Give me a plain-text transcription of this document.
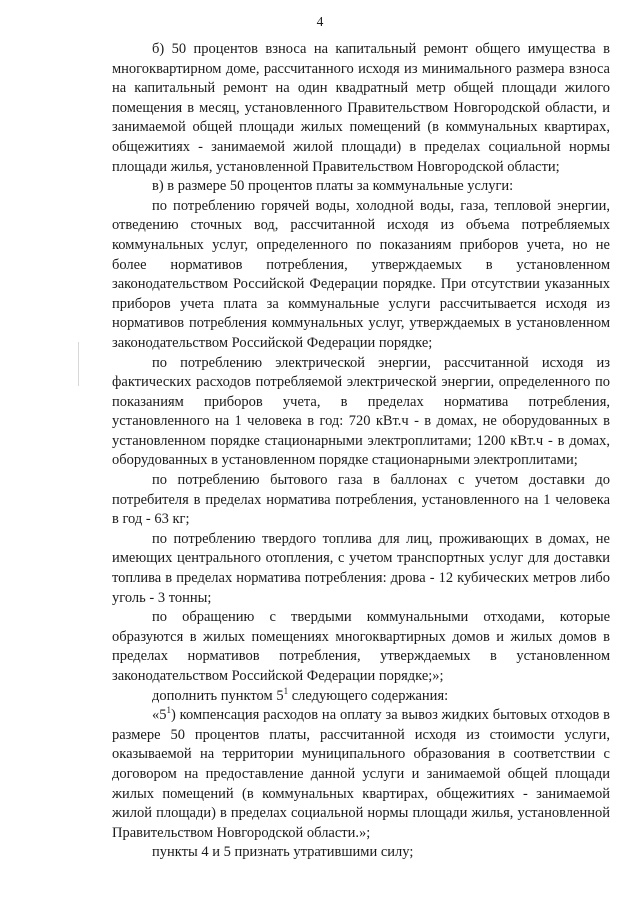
4

б) 50 процентов взноса на капитальный ремонт общего имущества в многоквартирном доме, рассчитанного исходя из минимального размера взноса на капитальный ремонт на один квадратный метр общей площади жилого помещения в месяц, установленного Правительством Новгородской области, и занимаемой общей площади жилых помещений (в коммунальных квартирах, общежитиях - занимаемой жилой площади) в пределах социальной нормы площади жилья, установленной Правительством Новгородской области;

в) в размере 50 процентов платы за коммунальные услуги:

по потреблению горячей воды, холодной воды, газа, тепловой энергии, отведению сточных вод, рассчитанной исходя из объема потребляемых коммунальных услуг, определенного по показаниям приборов учета, но не более нормативов потребления, утверждаемых в установленном законодательством Российской Федерации порядке. При отсутствии указанных приборов учета плата за коммунальные услуги рассчитывается исходя из нормативов потребления коммунальных услуг, утверждаемых в установленном законодательством Российской Федерации порядке;

по потреблению электрической энергии, рассчитанной исходя из фактических расходов потребляемой электрической энергии, определенного по показаниям приборов учета, в пределах норматива потребления, установленного на 1 человека в год: 720 кВт.ч - в домах, не оборудованных в установленном порядке стационарными электроплитами; 1200 кВт.ч - в домах, оборудованных в установленном порядке стационарными электроплитами;

по потреблению бытового газа в баллонах с учетом доставки до потребителя в пределах норматива потребления, установленного на 1 человека в год - 63 кг;

по потреблению твердого топлива для лиц, проживающих в домах, не имеющих центрального отопления, с учетом транспортных услуг для доставки топлива в пределах норматива потребления: дрова - 12 кубических метров либо уголь - 3 тонны;

по обращению с твердыми коммунальными отходами, которые образуются в жилых помещениях многоквартирных домов и жилых домов в пределах нормативов потребления, утверждаемых в установленном законодательством Российской Федерации порядке;»;

дополнить пунктом $5^1$ следующего содержания:

«$5^1$) компенсация расходов на оплату за вывоз жидких бытовых отходов в размере 50 процентов платы, рассчитанной исходя из стоимости услуги, оказываемой на территории муниципального образования в соответствии с договором на предоставление данной услуги и занимаемой общей площади жилых помещений (в коммунальных квартирах, общежитиях - занимаемой жилой площади) в пределах социальной нормы площади жилья, установленной Правительством Новгородской области.»;

пункты 4 и 5 признать утратившими силу;
